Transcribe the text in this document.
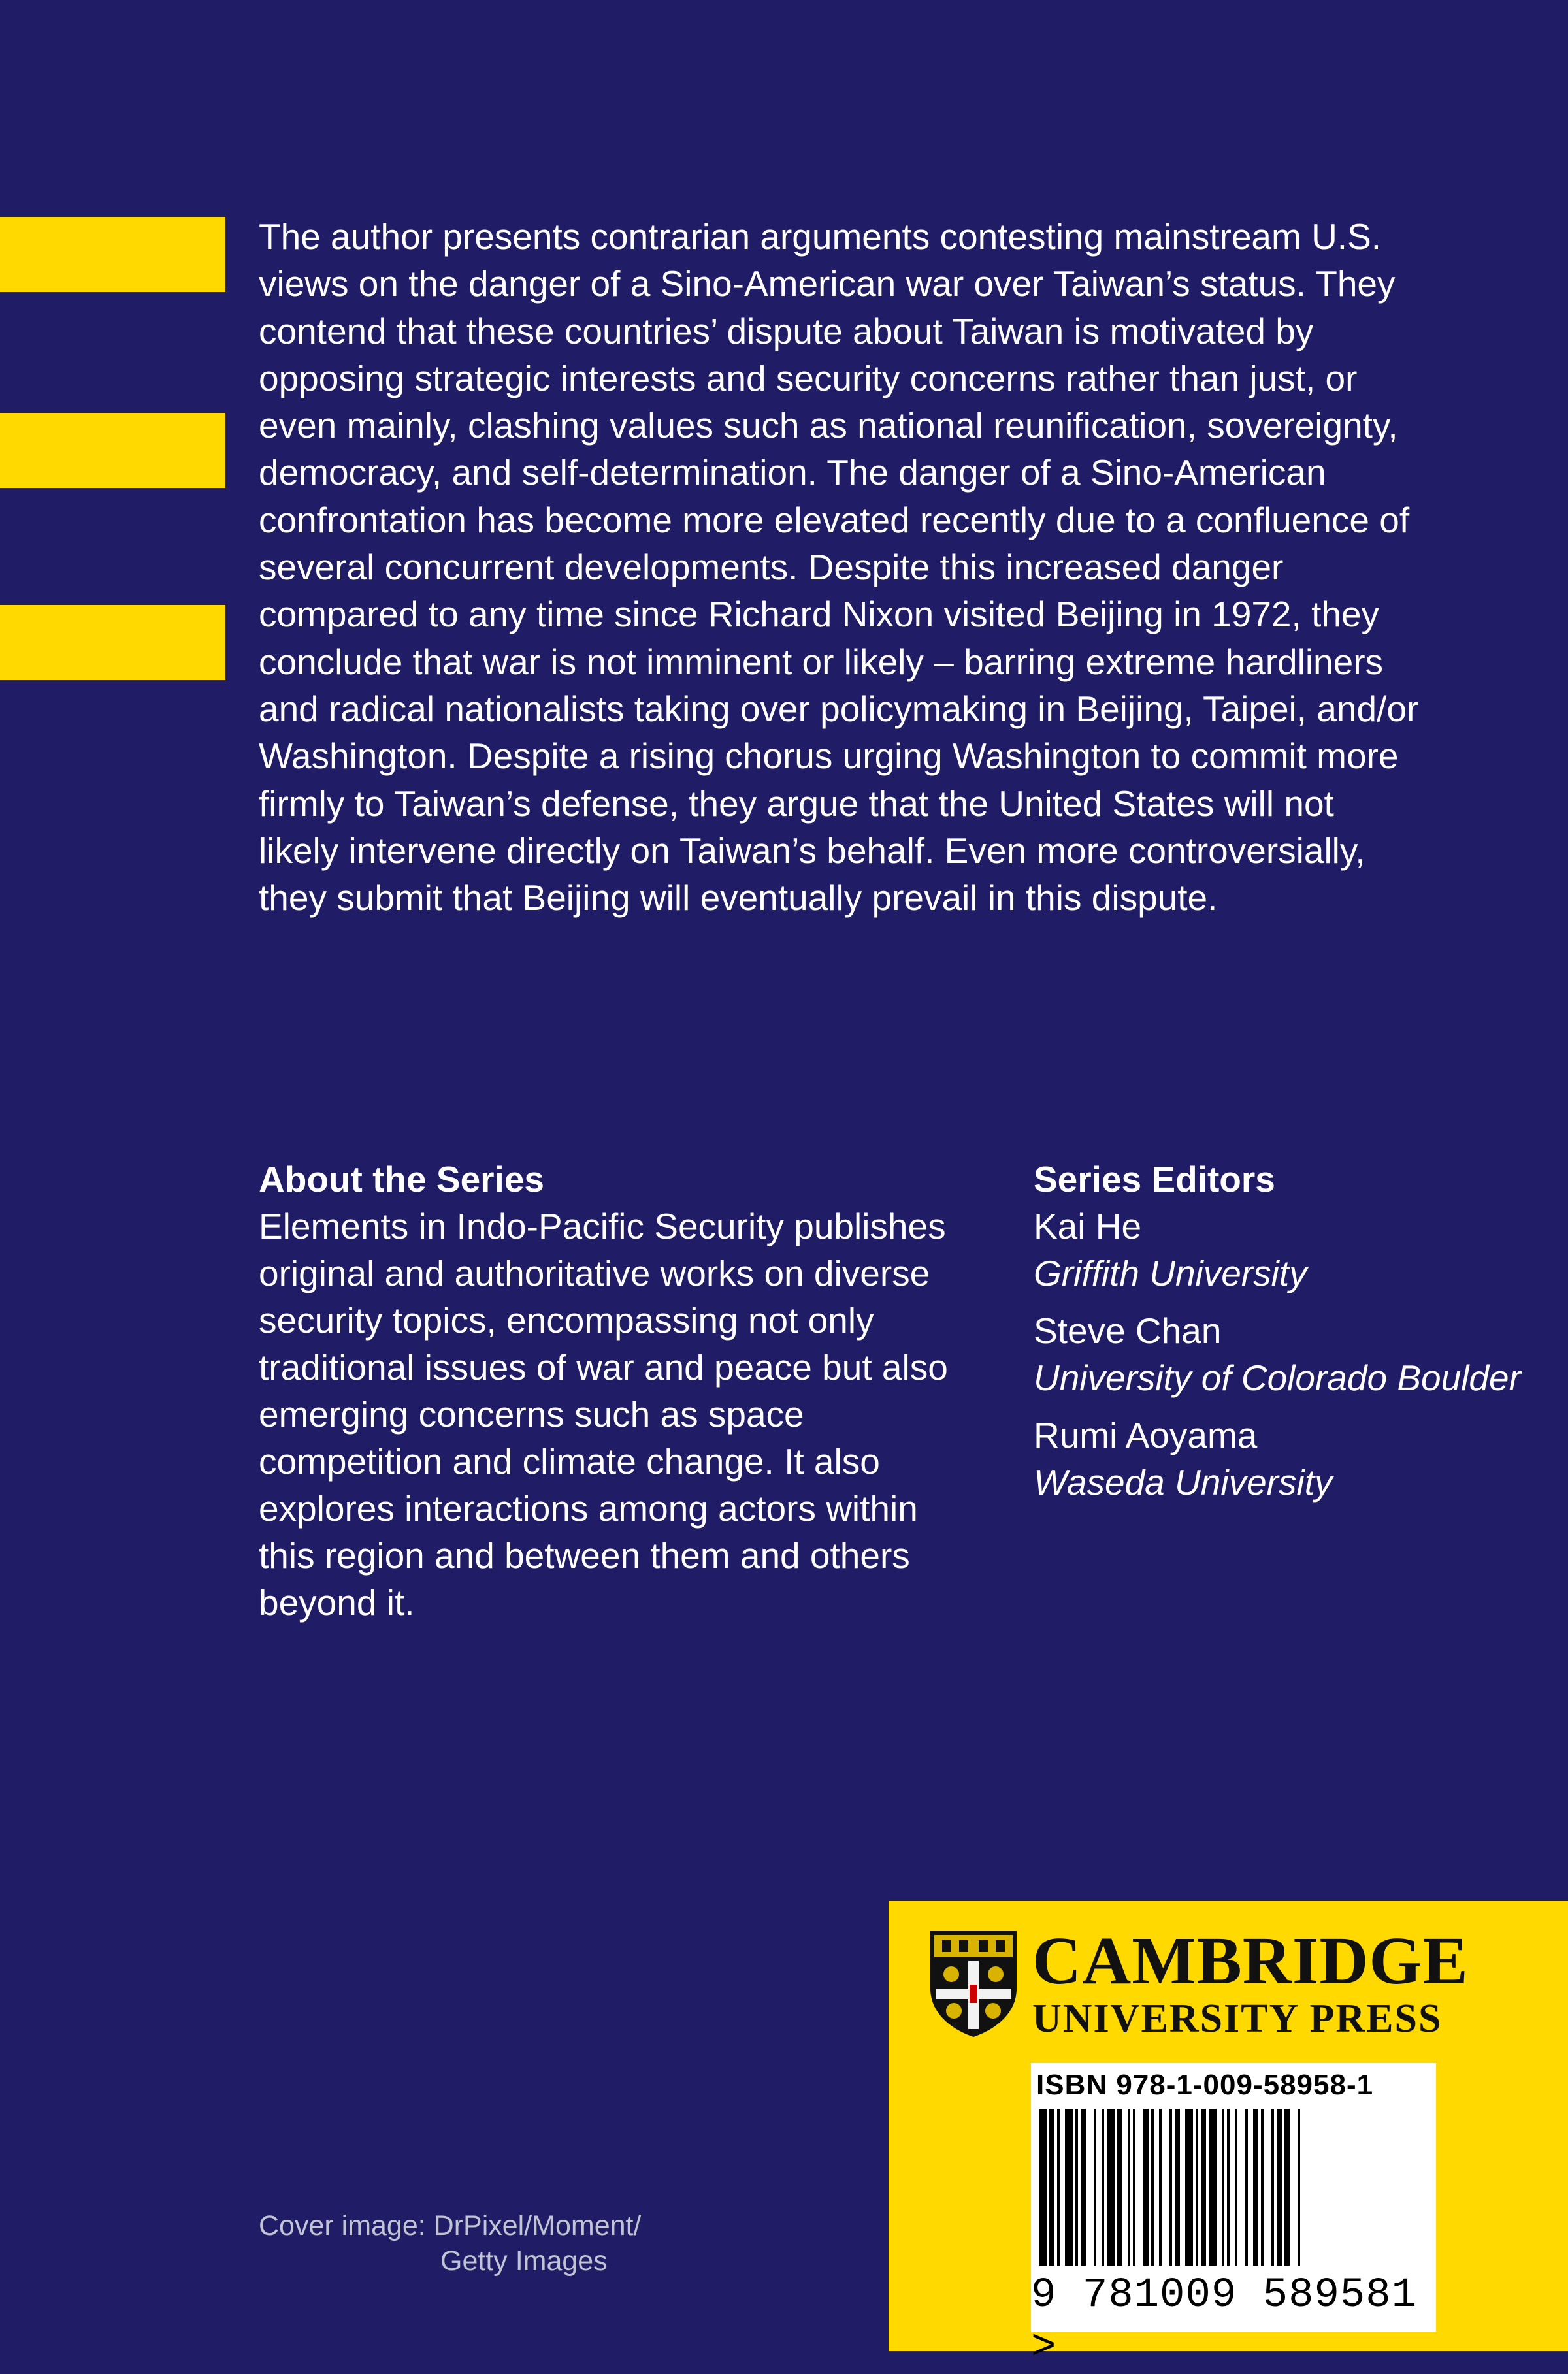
The author presents contrarian arguments contesting mainstream U.S. views on the danger of a Sino-American war over Taiwan’s status. They contend that these countries’ dispute about Taiwan is motivated by opposing strategic interests and security concerns rather than just, or even mainly, clashing values such as national reunification, sovereignty, democracy, and self-determination. The danger of a Sino-American confrontation has become more elevated recently due to a confluence of several concurrent developments. Despite this increased danger compared to any time since Richard Nixon visited Beijing in 1972, they conclude that war is not imminent or likely – barring extreme hardliners and radical nationalists taking over policymaking in Beijing, Taipei, and/or Washington. Despite a rising chorus urging Washington to commit more firmly to Taiwan’s defense, they argue that the United States will not likely intervene directly on Taiwan’s behalf. Even more controversially, they submit that Beijing will eventually prevail in this dispute.

About the Series

Elements in Indo-Pacific Security publishes original and authoritative works on diverse security topics, encompassing not only traditional issues of war and peace but also emerging concerns such as space competition and climate change. It also explores interactions among actors within this region and between them and others beyond it.

Series Editors
Kai He
Griffith University
Steve Chan
University of Colorado Boulder
Rumi Aoyama
Waseda University
Cover image: DrPixel/Moment/
Getty Images
CAMBRIDGE
UNIVERSITY PRESS
ISBN 978-1-009-58958-1
9 781009 589581 >
